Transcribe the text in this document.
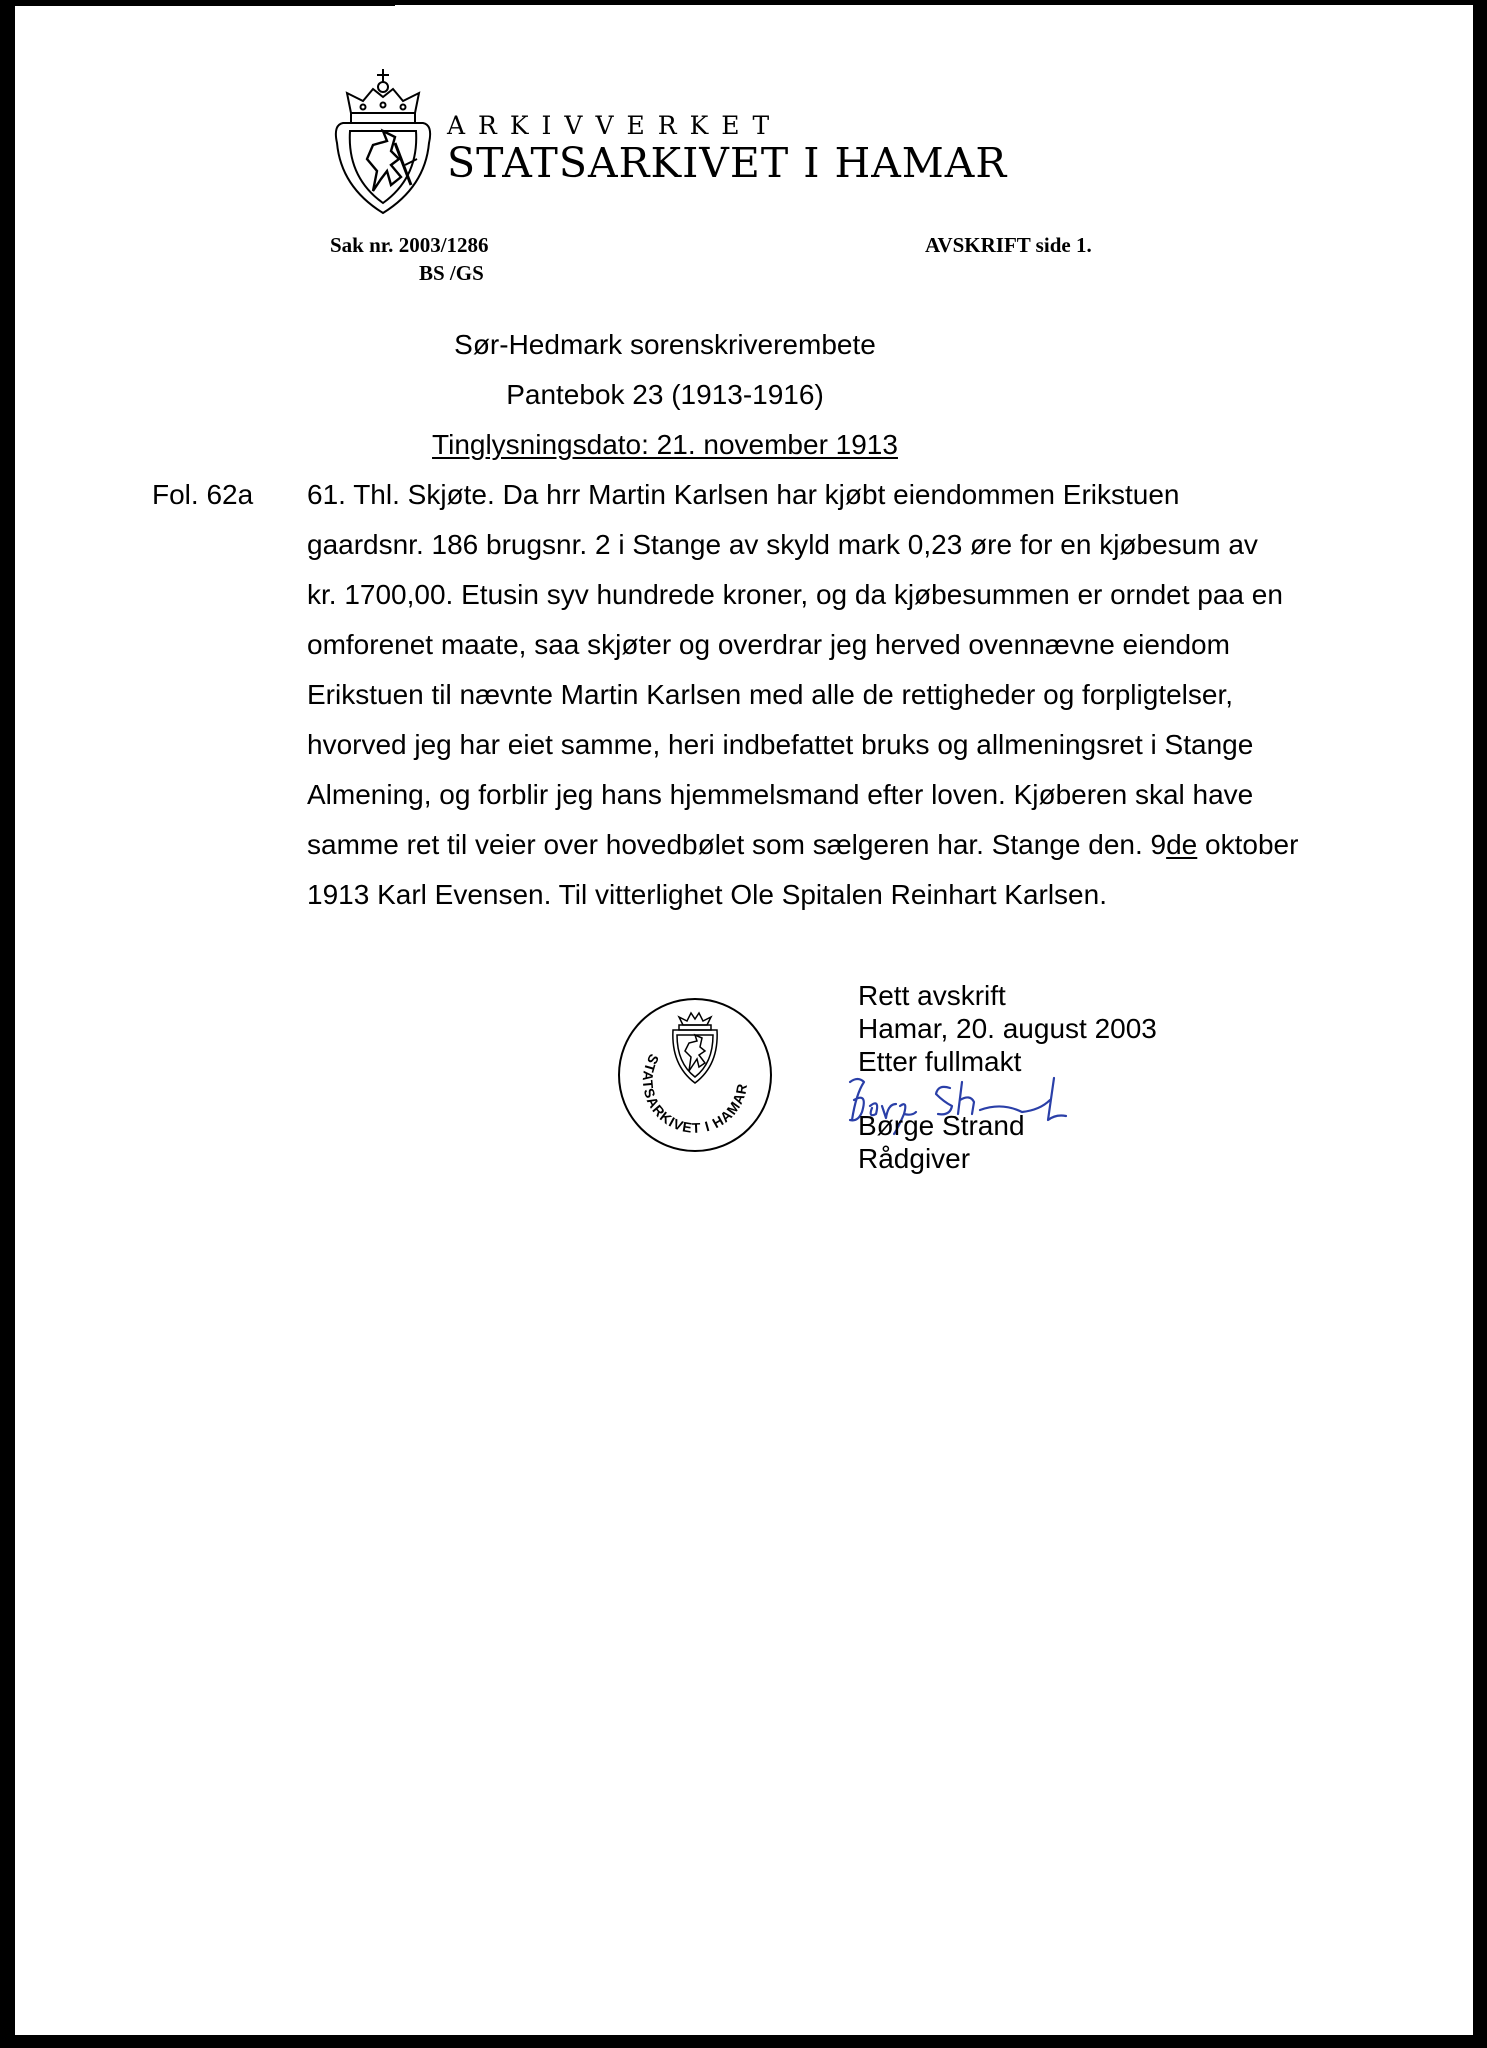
ARKIVVERKET
STATSARKIVET I HAMAR
Sak nr. 2003/1286
BS /GS
AVSKRIFT side 1.
Sør-Hedmark sorenskriverembete
Pantebok 23 (1913-1916)
Tinglysningsdato: 21. november 1913
Fol. 62a 61. Thl. Skjøte. Da hrr Martin Karlsen har kjøbt eiendommen Erikstuen
gaardsnr. 186 brugsnr. 2 i Stange av skyld mark 0,23 øre for en kjøbesum av
kr. 1700,00. Etusin syv hundrede kroner, og da kjøbesummen er orndet paa en
omforenet maate, saa skjøter og overdrar jeg herved ovennævne eiendom
Erikstuen til nævnte Martin Karlsen med alle de rettigheder og forpligtelser,
hvorved jeg har eiet samme, heri indbefattet bruks og allmeningsret i Stange
Almening, og forblir jeg hans hjemmelsmand efter loven. Kjøberen skal have
samme ret til veier over hovedbølet som sælgeren har. Stange den. 9de oktober
1913 Karl Evensen. Til vitterlighet Ole Spitalen Reinhart Karlsen.
STATSARKIVET I HAMAR
Rett avskrift
Hamar, 20. august 2003
Etter fullmakt
Børge Strand
Rådgiver
